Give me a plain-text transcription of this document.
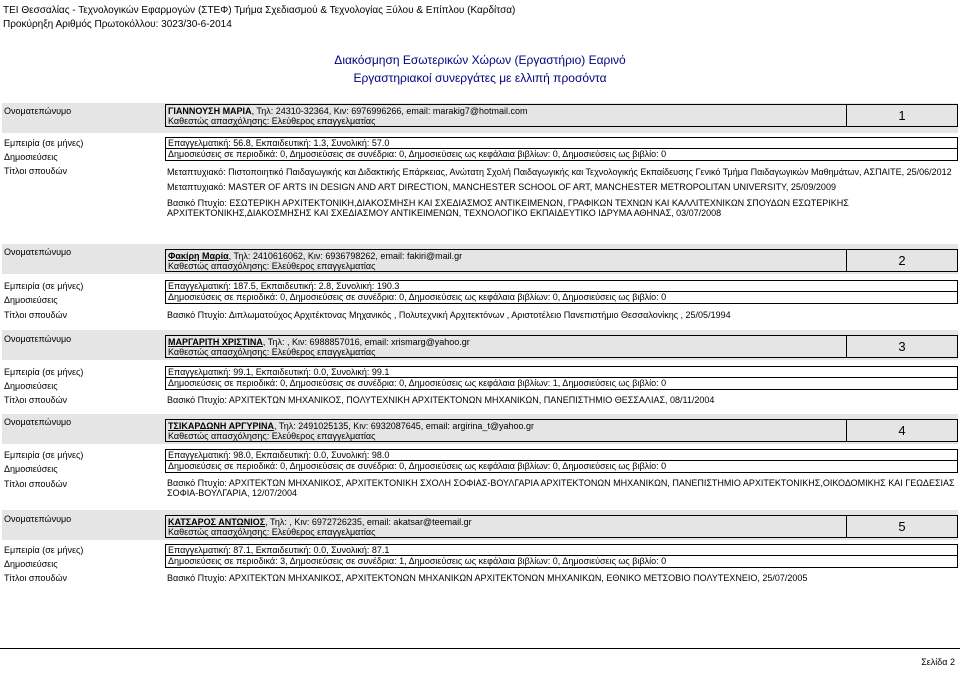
ΤΕΙ Θεσσαλίας - Τεχνολογικών Εφαρμογών (ΣΤΕΦ) Τμήμα Σχεδιασμού & Τεχνολογίας Ξύλου & Επίπλου (Καρδίτσα)
Προκύρηξη Αριθμός Πρωτοκόλλου: 3023/30-6-2014
Διακόσμηση Εσωτερικών Χώρων (Εργαστήριο) Εαρινό
Εργαστηριακοί συνεργάτες με ελλιπή προσόντα
Ονοματεπώνυμο	ΓΙΑΝΝΟΥΣΗ ΜΑΡΙΑ, Τηλ: 24310-32364, Κιν: 6976996266, email: marakig7@hotmail.com
Καθεστώς απασχόλησης: Ελεύθερος επαγγελματίας	1
Εμπειρία (σε μήνες)	Επαγγελματική: 56.8, Εκπαιδευτική: 1.3, Συνολική: 57.0
Δημοσιεύσεις	Δημοσιεύσεις σε περιοδικά: 0, Δημοσιεύσεις σε συνέδρια: 0, Δημοσιεύσεις ως κεφάλαια βιβλίων: 0, Δημοσιεύσεις ως βιβλίο: 0
Τίτλοι σπουδών	Μεταπτυχιακό: Πιστοποιητικό Παιδαγωγικής και Διδακτικής Επάρκειας, Ανώτατη Σχολή Παιδαγωγικής και Τεχνολογικής Εκπαίδευσης Γενικό Τμήμα Παιδαγωγικών Μαθημάτων, ΑΣΠΑΙΤΕ, 25/06/2012

Μεταπτυχιακό: MASTER OF ARTS IN DESIGN AND ART DIRECTION, MANCHESTER SCHOOL OF ART, MANCHESTER METROPOLITAN UNIVERSITY, 25/09/2009

Βασικό Πτυχίο: ΕΣΩΤΕΡΙΚΗ ΑΡΧΙΤΕΚΤΟΝΙΚΗ,ΔΙΑΚΟΣΜΗΣΗ ΚΑΙ ΣΧΕΔΙΑΣΜΟΣ ΑΝΤΙΚΕΙΜΕΝΩΝ, ΓΡΑΦΙΚΩΝ ΤΕΧΝΩΝ ΚΑΙ ΚΑΛΛΙΤΕΧΝΙΚΩΝ ΣΠΟΥΔΩΝ ΕΣΩΤΕΡΙΚΗΣ ΑΡΧΙΤΕΚΤΟΝΙΚΗΣ,ΔΙΑΚΟΣΜΗΣΗΣ ΚΑΙ ΣΧΕΔΙΑΣΜΟΥ ΑΝΤΙΚΕΙΜΕΝΩΝ, ΤΕΧΝΟΛΟΓΙΚΟ ΕΚΠΑΙΔΕΥΤΙΚΟ ΙΔΡΥΜΑ ΑΘΗΝΑΣ, 03/07/2008

Ονοματεπώνυμο	Φακίρη Μαρία, Τηλ: 2410616062, Κιν: 6936798262, email: fakiri@mail.gr
Καθεστώς απασχόλησης: Ελεύθερος επαγγελματίας	2
Εμπειρία (σε μήνες)	Επαγγελματική: 187.5, Εκπαιδευτική: 2.8, Συνολική: 190.3
Δημοσιεύσεις	Δημοσιεύσεις σε περιοδικά: 0, Δημοσιεύσεις σε συνέδρια: 0, Δημοσιεύσεις ως κεφάλαια βιβλίων: 0, Δημοσιεύσεις ως βιβλίο: 0
Τίτλοι σπουδών	Βασικό Πτυχίο: Διπλωματούχος Αρχιτέκτονας Μηχανικός , Πολυτεχνική Αρχιτεκτόνων , Αριστοτέλειο Πανεπιστήμιο Θεσσαλονίκης , 25/05/1994

Ονοματεπώνυμο	ΜΑΡΓΑΡΙΤΗ ΧΡΙΣΤΙΝΑ, Τηλ: , Κιν: 6988857016, email: xrismarg@yahoo.gr
Καθεστώς απασχόλησης: Ελεύθερος επαγγελματίας	3
Εμπειρία (σε μήνες)	Επαγγελματική: 99.1, Εκπαιδευτική: 0.0, Συνολική: 99.1
Δημοσιεύσεις	Δημοσιεύσεις σε περιοδικά: 0, Δημοσιεύσεις σε συνέδρια: 0, Δημοσιεύσεις ως κεφάλαια βιβλίων: 1, Δημοσιεύσεις ως βιβλίο: 0
Τίτλοι σπουδών	Βασικό Πτυχίο: ΑΡΧΙΤΕΚΤΩΝ ΜΗΧΑΝΙΚΟΣ, ΠΟΛΥΤΕΧΝΙΚΗ ΑΡΧΙΤΕΚΤΟΝΩΝ ΜΗΧΑΝΙΚΩΝ, ΠΑΝΕΠΙΣΤΗΜΙΟ ΘΕΣΣΑΛΙΑΣ, 08/11/2004

Ονοματεπώνυμο	ΤΣΙΚΑΡΔΩΝΗ ΑΡΓΥΡΙΝΑ, Τηλ: 2491025135, Κιν: 6932087645, email: argirina_t@yahoo.gr
Καθεστώς απασχόλησης: Ελεύθερος επαγγελματίας	4
Εμπειρία (σε μήνες)	Επαγγελματική: 98.0, Εκπαιδευτική: 0.0, Συνολική: 98.0
Δημοσιεύσεις	Δημοσιεύσεις σε περιοδικά: 0, Δημοσιεύσεις σε συνέδρια: 0, Δημοσιεύσεις ως κεφάλαια βιβλίων: 0, Δημοσιεύσεις ως βιβλίο: 0
Τίτλοι σπουδών	Βασικό Πτυχίο: ΑΡΧΙΤΕΚΤΩΝ ΜΗΧΑΝΙΚΟΣ, ΑΡΧΙΤΕΚΤΟΝΙΚΗ ΣΧΟΛΗ ΣΟΦΙΑΣ-ΒΟΥΛΓΑΡΙΑ ΑΡΧΙΤΕΚΤΟΝΩΝ ΜΗΧΑΝΙΚΩΝ, ΠΑΝΕΠΙΣΤΗΜΙΟ ΑΡΧΙΤΕΚΤΟΝΙΚΗΣ,ΟΙΚΟΔΟΜΙΚΗΣ ΚΑΙ ΓΕΩΔΕΣΙΑΣ ΣΟΦΙΑ-ΒΟΥΛΓΑΡΙΑ, 12/07/2004

Ονοματεπώνυμο	ΚΑΤΣΑΡΟΣ ΑΝΤΩΝΙΟΣ, Τηλ: , Κιν: 6972726235, email: akatsar@teemail.gr
Καθεστώς απασχόλησης: Ελεύθερος επαγγελματίας	5
Εμπειρία (σε μήνες)	Επαγγελματική: 87.1, Εκπαιδευτική: 0.0, Συνολική: 87.1
Δημοσιεύσεις	Δημοσιεύσεις σε περιοδικά: 3, Δημοσιεύσεις σε συνέδρια: 1, Δημοσιεύσεις ως κεφάλαια βιβλίων: 0, Δημοσιεύσεις ως βιβλίο: 0
Τίτλοι σπουδών	Βασικό Πτυχίο: ΑΡΧΙΤΕΚΤΩΝ ΜΗΧΑΝΙΚΟΣ, ΑΡΧΙΤΕΚΤΟΝΩΝ ΜΗΧΑΝΙΚΩΝ ΑΡΧΙΤΕΚΤΟΝΩΝ ΜΗΧΑΝΙΚΩΝ, ΕΘΝΙΚΟ ΜΕΤΣΟΒΙΟ ΠΟΛΥΤΕΧΝΕΙΟ, 25/07/2005

Σελίδα 2
